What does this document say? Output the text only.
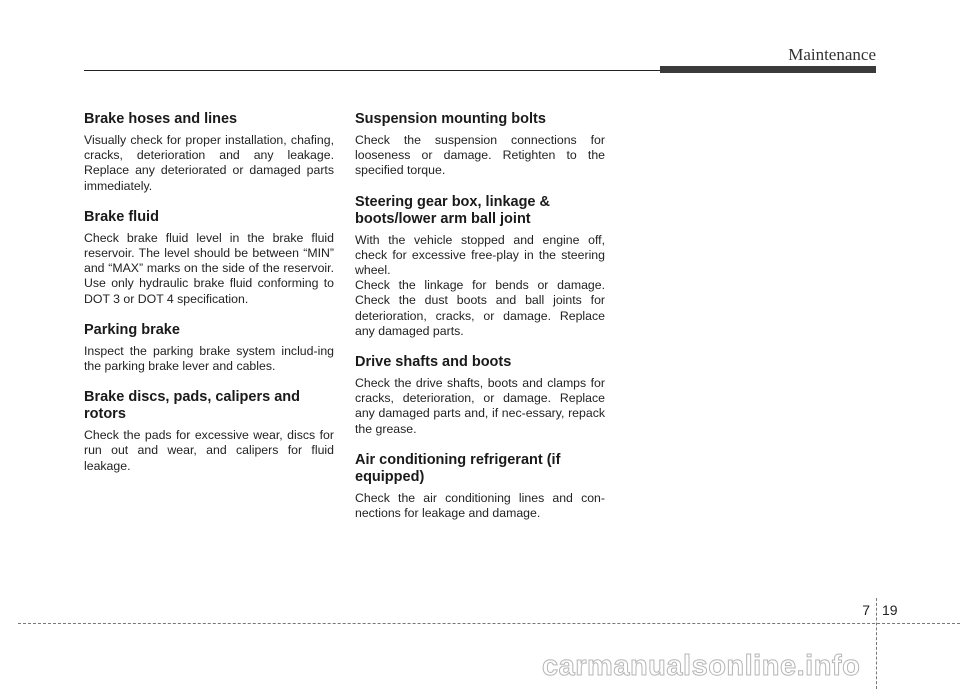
Maintenance
Brake hoses and lines

Visually check for proper installation, chafing, cracks, deterioration and any leakage. Replace any deteriorated or damaged parts immediately.

Brake fluid

Check brake fluid level in the brake fluid reservoir. The level should be between “MIN” and “MAX” marks on the side of the reservoir. Use only hydraulic brake fluid conforming to DOT 3 or DOT 4 specification.

Parking brake

Inspect the parking brake system includ-ing the parking brake lever and cables.

Brake discs, pads, calipers and rotors

Check the pads for excessive wear, discs for run out and wear, and calipers for fluid leakage.

Suspension mounting bolts

Check the suspension connections for looseness or damage. Retighten to the specified torque.

Steering gear box, linkage & boots/lower arm ball joint

With the vehicle stopped and engine off, check for excessive free-play in the steering wheel.

Check the linkage for bends or damage. Check the dust boots and ball joints for deterioration, cracks, or damage. Replace any damaged parts.

Drive shafts and boots

Check the drive shafts, boots and clamps for cracks, deterioration, or damage. Replace any damaged parts and, if nec-essary, repack the grease.

Air conditioning refrigerant (if equipped)

Check the air conditioning lines and con-nections for leakage and damage.

7 19
carmanualsonline.info
